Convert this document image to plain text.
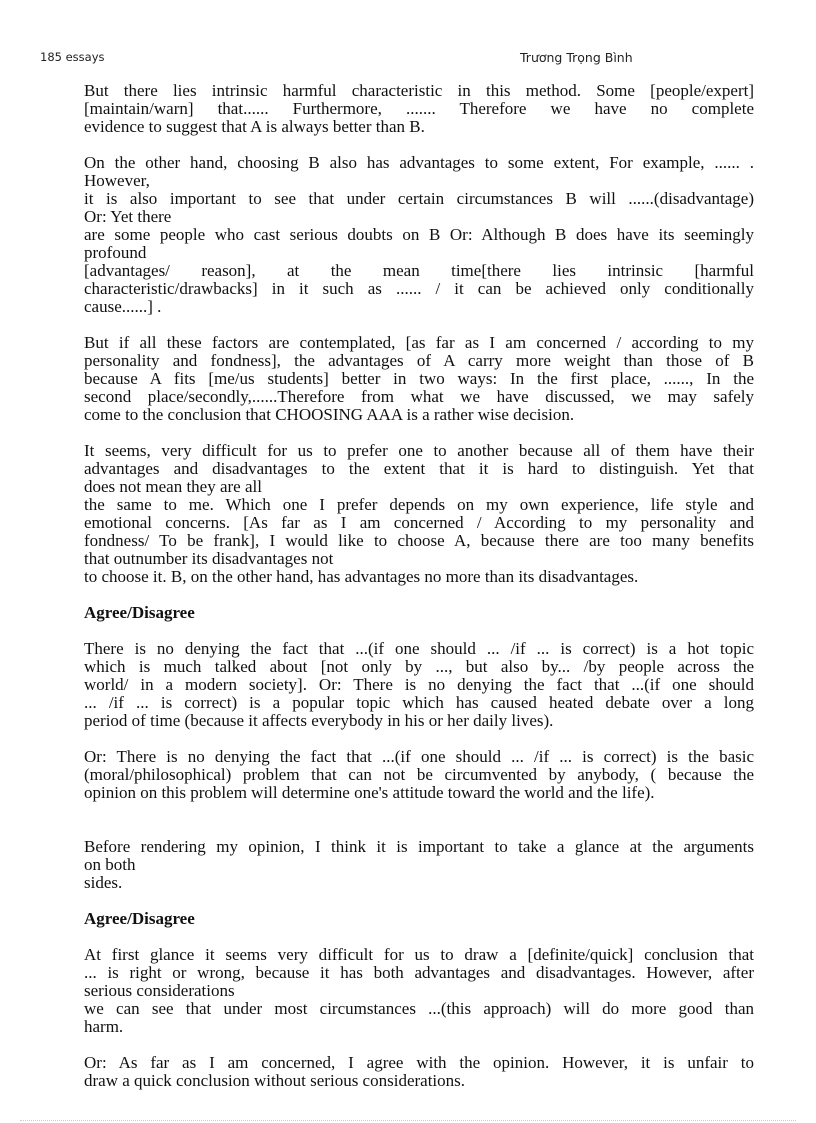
185 essays	Trương Trọng Bình
But there lies intrinsic harmful characteristic in this method. Some [people/expert]
[maintain/warn] that...... Furthermore, ....... Therefore we have no complete
evidence to suggest that A is always better than B.
On the other hand, choosing B also has advantages to some extent, For example, ...... .
However,
it is also important to see that under certain circumstances B will ......(disadvantage)
Or: Yet there
are some people who cast serious doubts on B Or: Although B does have its seemingly
profound
[advantages/ reason], at the mean time[there lies intrinsic [harmful
characteristic/drawbacks] in it such as ...... / it can be achieved only conditionally
cause......] .
But if all these factors are contemplated, [as far as I am concerned / according to my
personality and fondness], the advantages of A carry more weight than those of B
because A fits [me/us students] better in two ways: In the first place, ......, In the
second place/secondly,......Therefore from what we have discussed, we may safely
come to the conclusion that CHOOSING AAA is a rather wise decision.
It seems, very difficult for us to prefer one to another because all of them have their
advantages and disadvantages to the extent that it is hard to distinguish. Yet that
does not mean they are all
the same to me. Which one I prefer depends on my own experience, life style and
emotional concerns. [As far as I am concerned / According to my personality and
fondness/ To be frank], I would like to choose A, because there are too many benefits
that outnumber its disadvantages not
to choose it. B, on the other hand, has advantages no more than its disadvantages.
Agree/Disagree
There is no denying the fact that ...(if one should ... /if ... is correct) is a hot topic
which is much talked about [not only by ..., but also by... /by people across the
world/ in a modern society]. Or: There is no denying the fact that ...(if one should
... /if ... is correct) is a popular topic which has caused heated debate over a long
period of time (because it affects everybody in his or her daily lives).
Or: There is no denying the fact that ...(if one should ... /if ... is correct) is the basic
(moral/philosophical) problem that can not be circumvented by anybody, ( because the
opinion on this problem will determine one's attitude toward the world and the life).
Before rendering my opinion, I think it is important to take a glance at the arguments
on both
sides.
Agree/Disagree
At first glance it seems very difficult for us to draw a [definite/quick] conclusion that
... is right or wrong, because it has both advantages and disadvantages. However, after
serious considerations
we can see that under most circumstances ...(this approach) will do more good than
harm.
Or: As far as I am concerned, I agree with the opinion. However, it is unfair to
draw a quick conclusion without serious considerations.
